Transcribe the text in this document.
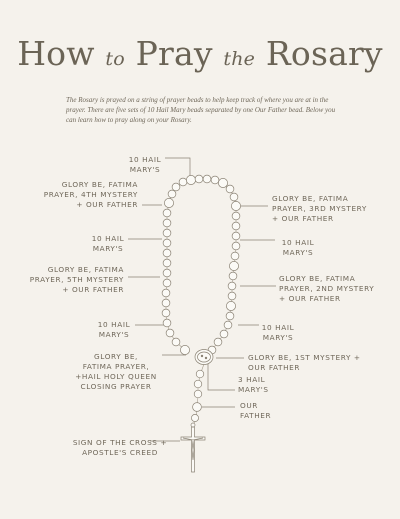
How to Pray the Rosary
The Rosary is prayed on a string of prayer beads to help keep track of where you are at in the prayer. There are five sets of 10 Hail Mary beads separated by one Our Father bead. Below you can learn how to pray along on your Rosary.
10 HAIL
MARY'S
GLORY BE, FATIMA
PRAYER, 4TH MYSTERY
+ OUR FATHER
GLORY BE, FATIMA
PRAYER, 3RD MYSTERY
+ OUR FATHER
10 HAIL
MARY'S
10 HAIL
MARY'S
GLORY BE, FATIMA
PRAYER, 5TH MYSTERY
+ OUR FATHER
GLORY BE, FATIMA
PRAYER, 2ND MYSTERY
+ OUR FATHER
10 HAIL
MARY'S
10 HAIL
MARY'S
GLORY BE,
FATIMA PRAYER,
+HAIL HOLY QUEEN
CLOSING PRAYER
GLORY BE, 1ST MYSTERY +
OUR FATHER
3 HAIL
MARY'S
OUR
FATHER
SIGN OF THE CROSS +
APOSTLE'S CREED
